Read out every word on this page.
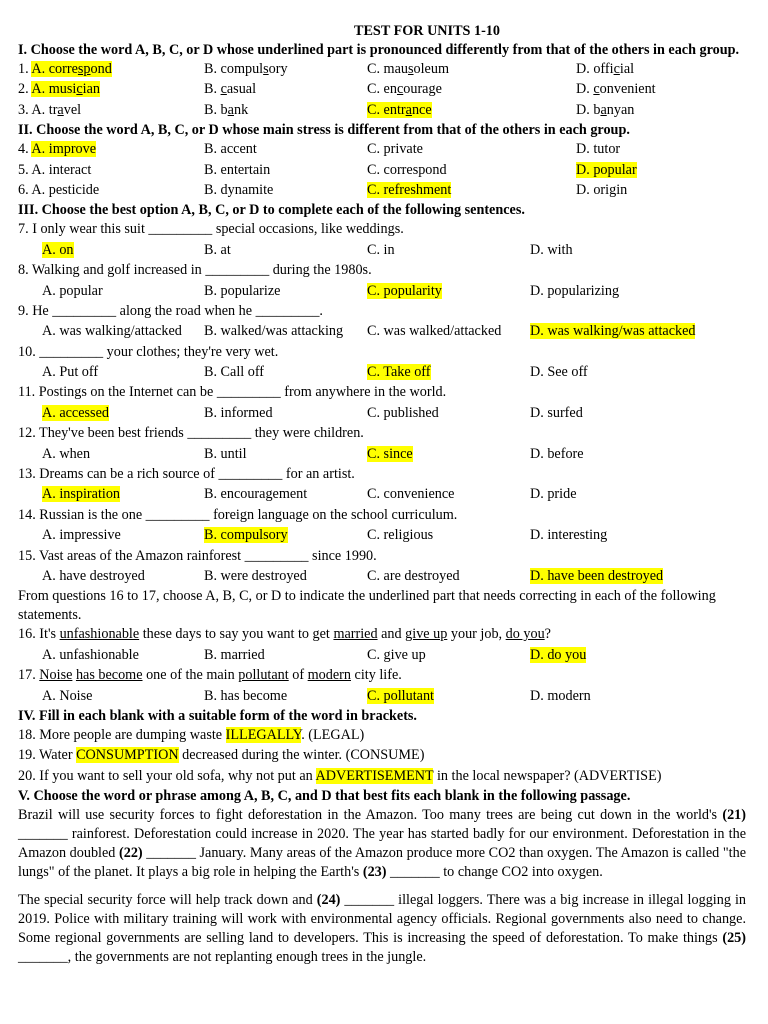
TEST FOR UNITS 1-10
I. Choose the word A, B, C, or D whose underlined part is pronounced differently from that of the others in each group.
1. A. correspond	B. compulsory	C. mausoleum	D. official
2. A. musician	B. casual	C. encourage	D. convenient
3. A. travel	B. bank	C. entrance	D. banyan
II. Choose the word A, B, C, or D whose main stress is different from that of the others in each group.
4. A. improve	B. accent	C. private	D. tutor
5. A. interact	B. entertain	C. correspond	D. popular
6. A. pesticide	B. dynamite	C. refreshment	D. origin
III. Choose the best option A, B, C, or D to complete each of the following sentences.
7. I only wear this suit _________ special occasions, like weddings.
A. on	B. at	C. in	D. with
8. Walking and golf increased in _________ during the 1980s.
A. popular	B. popularize	C. popularity	D. popularizing
9. He _________ along the road when he _________.
A. was walking/attacked B. walked/was attacking C. was walked/attacked D. was walking/was attacked
10. _________ your clothes; they're very wet.
A. Put off	B. Call off	C. Take off	D. See off
11. Postings on the Internet can be _________ from anywhere in the world.
A. accessed	B. informed	C. published	D. surfed
12. They've been best friends _________ they were children.
A. when	B. until	C. since	D. before
13. Dreams can be a rich source of _________ for an artist.
A. inspiration	B. encouragement	C. convenience	D. pride
14. Russian is the one _________ foreign language on the school curriculum.
A. impressive	B. compulsory	C. religious	D. interesting
15. Vast areas of the Amazon rainforest _________ since 1990.
A. have destroyed	B. were destroyed	C. are destroyed	D. have been destroyed
From questions 16 to 17, choose A, B, C, or D to indicate the underlined part that needs correcting in each of the following statements.
16. It's unfashionable these days to say you want to get married and give up your job, do you?
A. unfashionable	B. married	C. give up	D. do you
17. Noise has become one of the main pollutant of modern city life.
A. Noise	B. has become	C. pollutant	D. modern
IV. Fill in each blank with a suitable form of the word in brackets.
18. More people are dumping waste ILLEGALLY. (LEGAL)
19. Water CONSUMPTION decreased during the winter. (CONSUME)
20. If you want to sell your old sofa, why not put an ADVERTISEMENT in the local newspaper? (ADVERTISE)
V. Choose the word or phrase among A, B, C, and D that best fits each blank in the following passage.
Brazil will use security forces to fight deforestation in the Amazon. Too many trees are being cut down in the world's (21) _______ rainforest. Deforestation could increase in 2020. The year has started badly for our environment. Deforestation in the Amazon doubled (22) _______ January. Many areas of the Amazon produce more CO2 than oxygen. The Amazon is called "the lungs" of the planet. It plays a big role in helping the Earth's (23) _______ to change CO2 into oxygen.
The special security force will help track down and (24) _______ illegal loggers. There was a big increase in illegal logging in 2019. Police with military training will work with environmental agency officials. Regional governments also need to change. Some regional governments are selling land to developers. This is increasing the speed of deforestation. To make things (25) _______, the governments are not replanting enough trees in the jungle.
